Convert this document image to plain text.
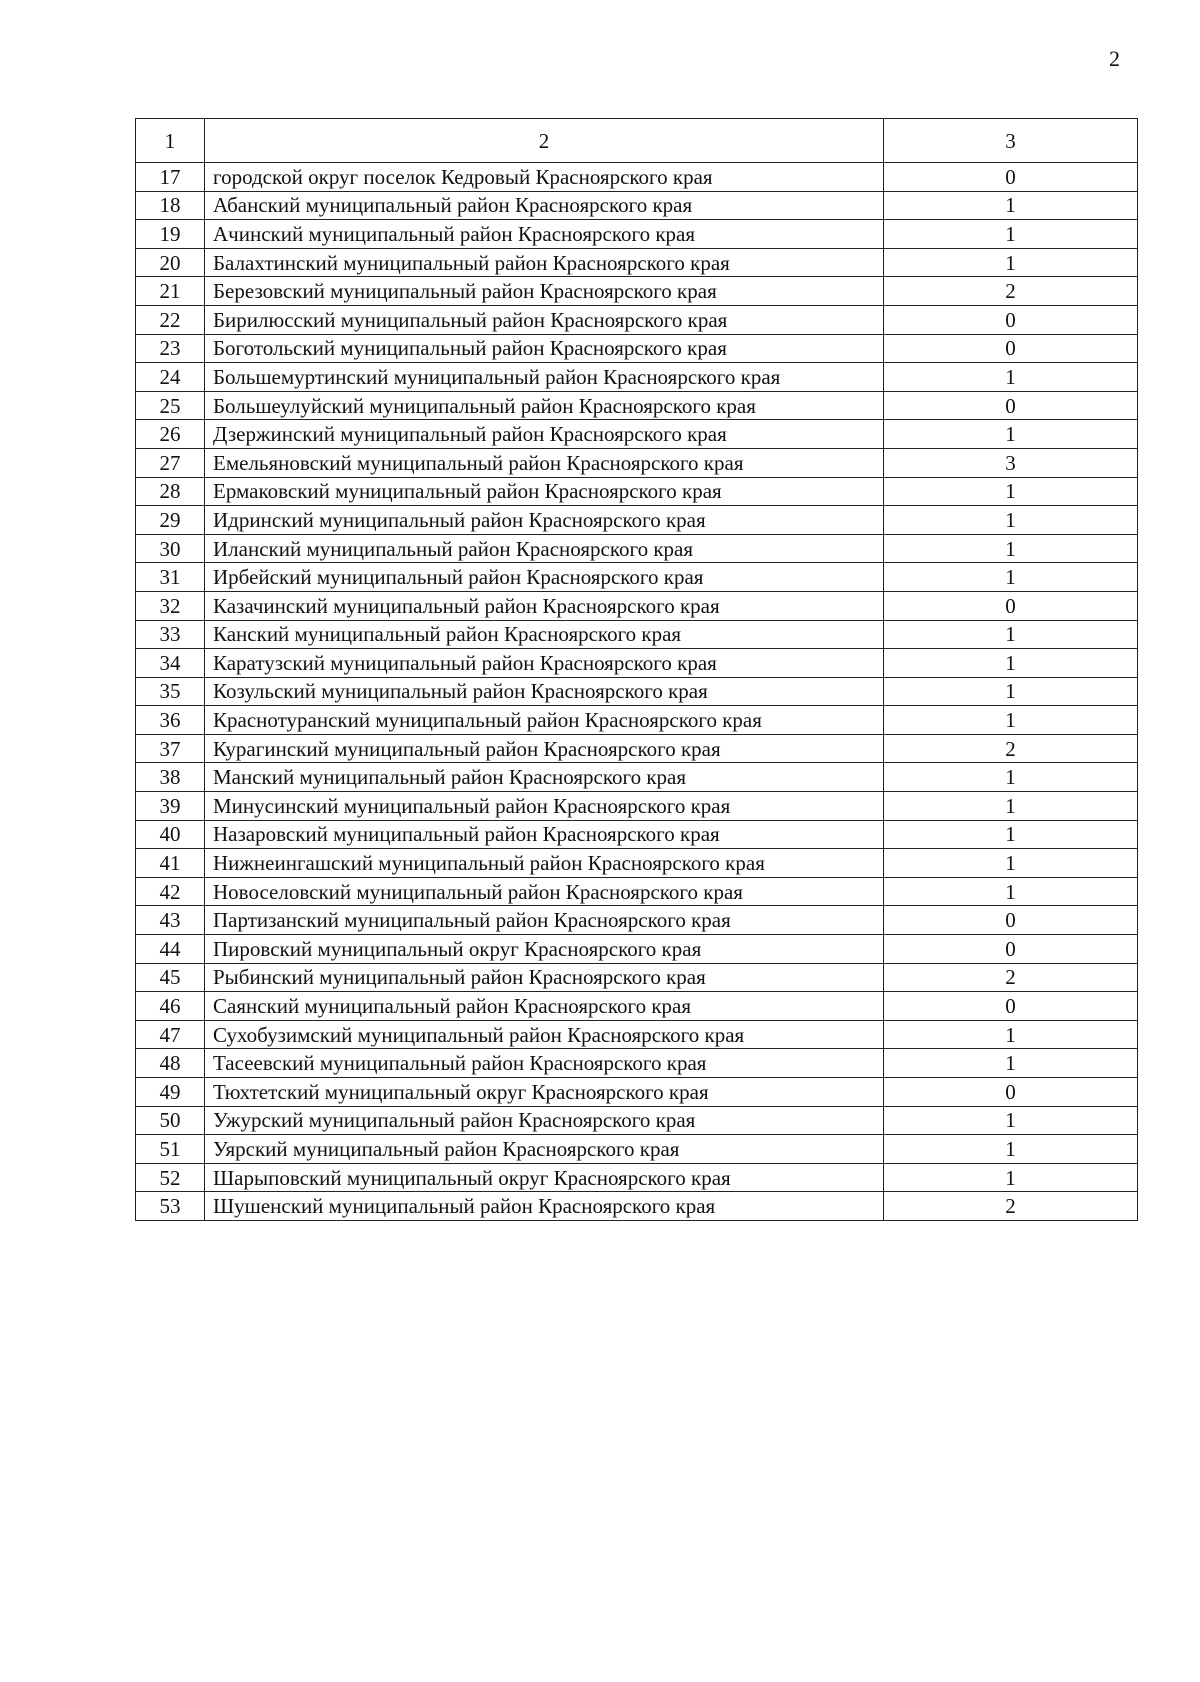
2
1	2	3
17	городской округ поселок Кедровый Красноярского края	0
18	Абанский муниципальный район Красноярского края	1
19	Ачинский муниципальный район Красноярского края	1
20	Балахтинский муниципальный район Красноярского края	1
21	Березовский муниципальный район Красноярского края	2
22	Бирилюсский муниципальный район Красноярского края	0
23	Боготольский муниципальный район Красноярского края	0
24	Большемуртинский муниципальный район Красноярского края	1
25	Большеулуйский муниципальный район Красноярского края	0
26	Дзержинский муниципальный район Красноярского края	1
27	Емельяновский муниципальный район Красноярского края	3
28	Ермаковский муниципальный район Красноярского края	1
29	Идринский муниципальный район Красноярского края	1
30	Иланский муниципальный район Красноярского края	1
31	Ирбейский муниципальный район Красноярского края	1
32	Казачинский муниципальный район Красноярского края	0
33	Канский муниципальный район Красноярского края	1
34	Каратузский муниципальный район Красноярского края	1
35	Козульский муниципальный район Красноярского края	1
36	Краснотуранский муниципальный район Красноярского края	1
37	Курагинский муниципальный район Красноярского края	2
38	Манский муниципальный район Красноярского края	1
39	Минусинский муниципальный район Красноярского края	1
40	Назаровский муниципальный район Красноярского края	1
41	Нижнеингашский муниципальный район Красноярского края	1
42	Новоселовский муниципальный район Красноярского края	1
43	Партизанский муниципальный район Красноярского края	0
44	Пировский муниципальный округ Красноярского края	0
45	Рыбинский муниципальный район Красноярского края	2
46	Саянский муниципальный район Красноярского края	0
47	Сухобузимский муниципальный район Красноярского края	1
48	Тасеевский муниципальный район Красноярского края	1
49	Тюхтетский муниципальный округ Красноярского края	0
50	Ужурский муниципальный район Красноярского края	1
51	Уярский муниципальный район Красноярского края	1
52	Шарыповский муниципальный округ Красноярского края	1
53	Шушенский муниципальный район Красноярского края	2
